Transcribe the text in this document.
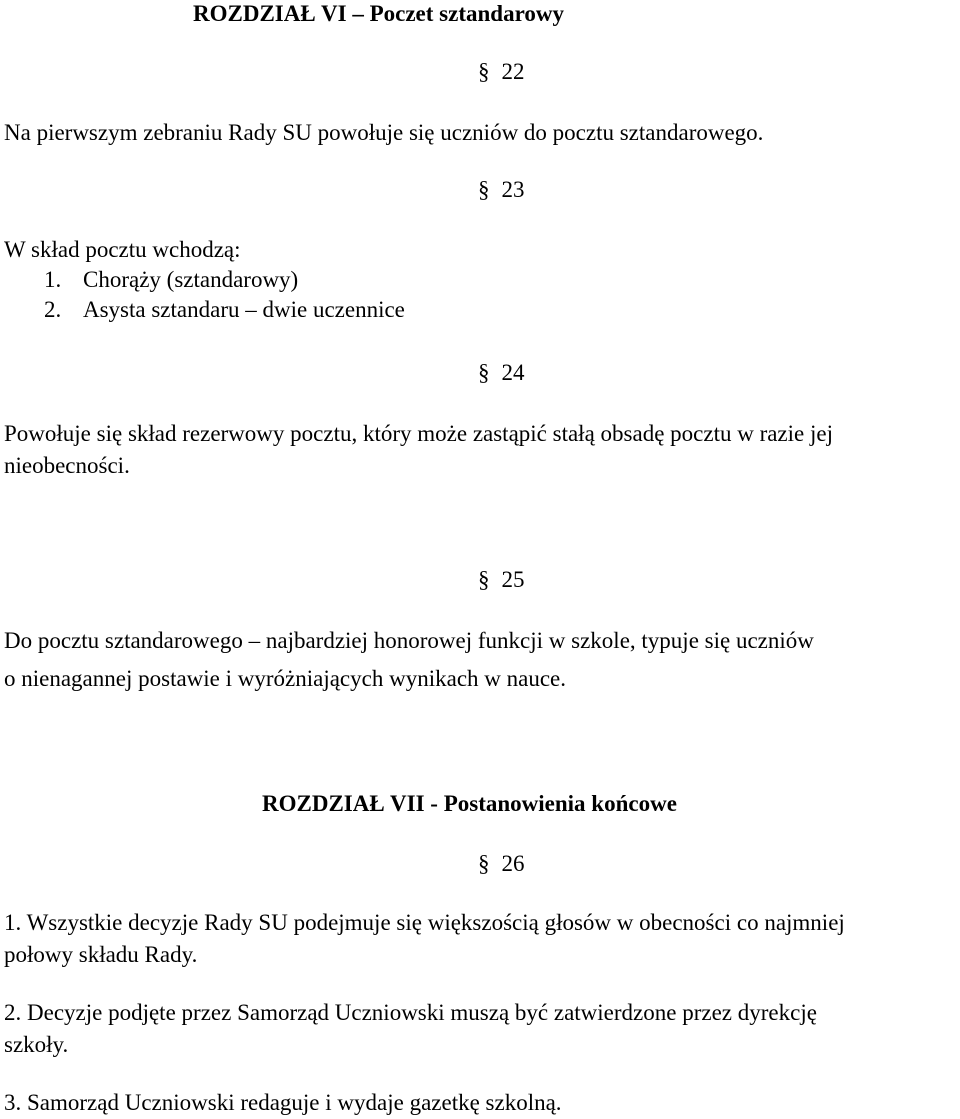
ROZDZIAŁ VI – Poczet sztandarowy
§ 22
Na pierwszym zebraniu Rady SU powołuje się uczniów do pocztu sztandarowego.
§ 23
W skład pocztu wchodzą:
1. Chorąży (sztandarowy)
2. Asysta sztandaru – dwie uczennice
§ 24
Powołuje się skład rezerwowy pocztu, który może zastąpić stałą obsadę pocztu w razie jej
nieobecności.
§ 25
Do pocztu sztandarowego – najbardziej honorowej funkcji w szkole, typuje się uczniów
o nienagannej postawie i wyróżniających wynikach w nauce.
ROZDZIAŁ VII - Postanowienia końcowe
§ 26
1. Wszystkie decyzje Rady SU podejmuje się większością głosów w obecności co najmniej
połowy składu Rady.
2. Decyzje podjęte przez Samorząd Uczniowski muszą być zatwierdzone przez dyrekcję
szkoły.
3. Samorząd Uczniowski redaguje i wydaje gazetkę szkolną.
